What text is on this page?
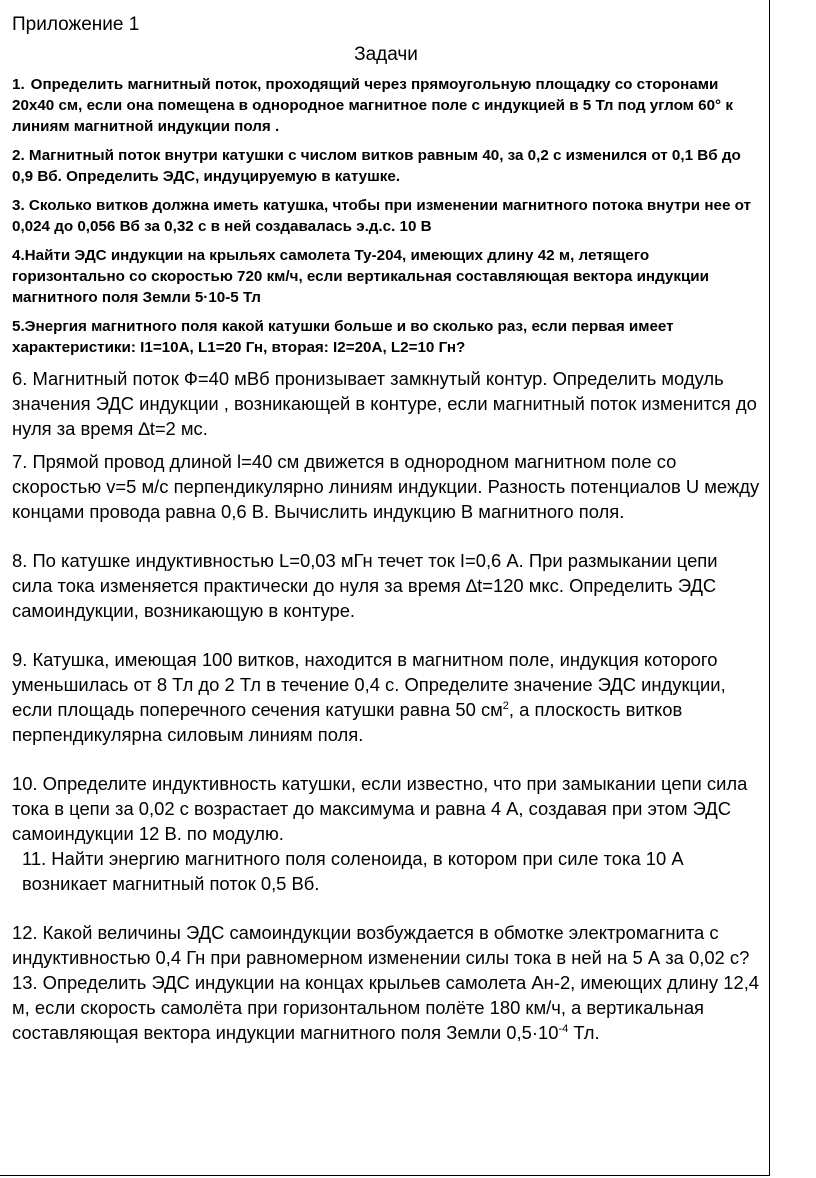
Приложение 1

Задачи

1. Определить магнитный поток, проходящий через прямоугольную площадку со сторонами 20х40 см, если она помещена в однородное магнитное поле с индукцией в 5 Тл под углом 60° к линиям магнитной индукции поля .

2. Магнитный поток внутри катушки с числом витков равным 40, за 0,2 с изменился от 0,1 Вб до 0,9 Вб. Определить ЭДС, индуцируемую в катушке.

3. Сколько витков должна иметь катушка, чтобы при изменении магнитного потока внутри нее от 0,024 до 0,056 Вб за 0,32 с в ней создавалась э.д.с. 10 В

4.Найти ЭДС индукции на крыльях самолета Ту-204, имеющих длину 42 м, летящего горизонтально со скоростью 720 км/ч, если вертикальная составляющая вектора индукции магнитного поля Земли 5·10-5 Тл

5.Энергия магнитного поля какой катушки больше и во сколько раз, если первая имеет характеристики: I1=10А, L1=20 Гн, вторая: I2=20А, L2=10 Гн?

6. Магнитный поток Ф=40 мВб пронизывает замкнутый контур. Определить модуль значения ЭДС индукции , возникающей в контуре, если магнитный поток изменится до нуля за время ∆t=2 мс.

7. Прямой провод длиной l=40 см движется в однородном магнитном поле со скоростью v=5 м/с перпендикулярно линиям индукции. Разность потенциалов U между концами провода равна 0,6 В. Вычислить индукцию В магнитного поля.

8. По катушке индуктивностью L=0,03 мГн течет ток I=0,6 А. При размыкании цепи сила тока изменяется практически до нуля за время ∆t=120 мкс. Определить ЭДС самоиндукции, возникающую в контуре.

9. Катушка, имеющая 100 витков, находится в магнитном поле, индукция которого уменьшилась от 8 Тл до 2 Тл в течение 0,4 с. Определите значение ЭДС индукции, если площадь поперечного сечения катушки равна 50 $см^2$, а плоскость витков перпендикулярна силовым линиям поля.

10. Определите индуктивность катушки, если известно, что при замыкании цепи сила тока в цепи за 0,02 с возрастает до максимума и равна 4 А, создавая при этом ЭДС самоиндукции 12 В. по модулю.

11. Найти энергию магнитного поля соленоида, в котором при силе тока 10 А возникает магнитный поток 0,5 Вб.

12. Какой величины ЭДС самоиндукции возбуждается в обмотке электромагнита с индуктивностью 0,4 Гн при равномерном изменении силы тока в ней на 5 А за 0,02 с?

13. Определить ЭДС индукции на концах крыльев самолета Ан-2, имеющих длину 12,4 м, если скорость самолёта при горизонтальном полёте 180 км/ч, а вертикальная составляющая вектора индукции магнитного поля Земли $0,5\cdot 10^{-4}$ Тл.
